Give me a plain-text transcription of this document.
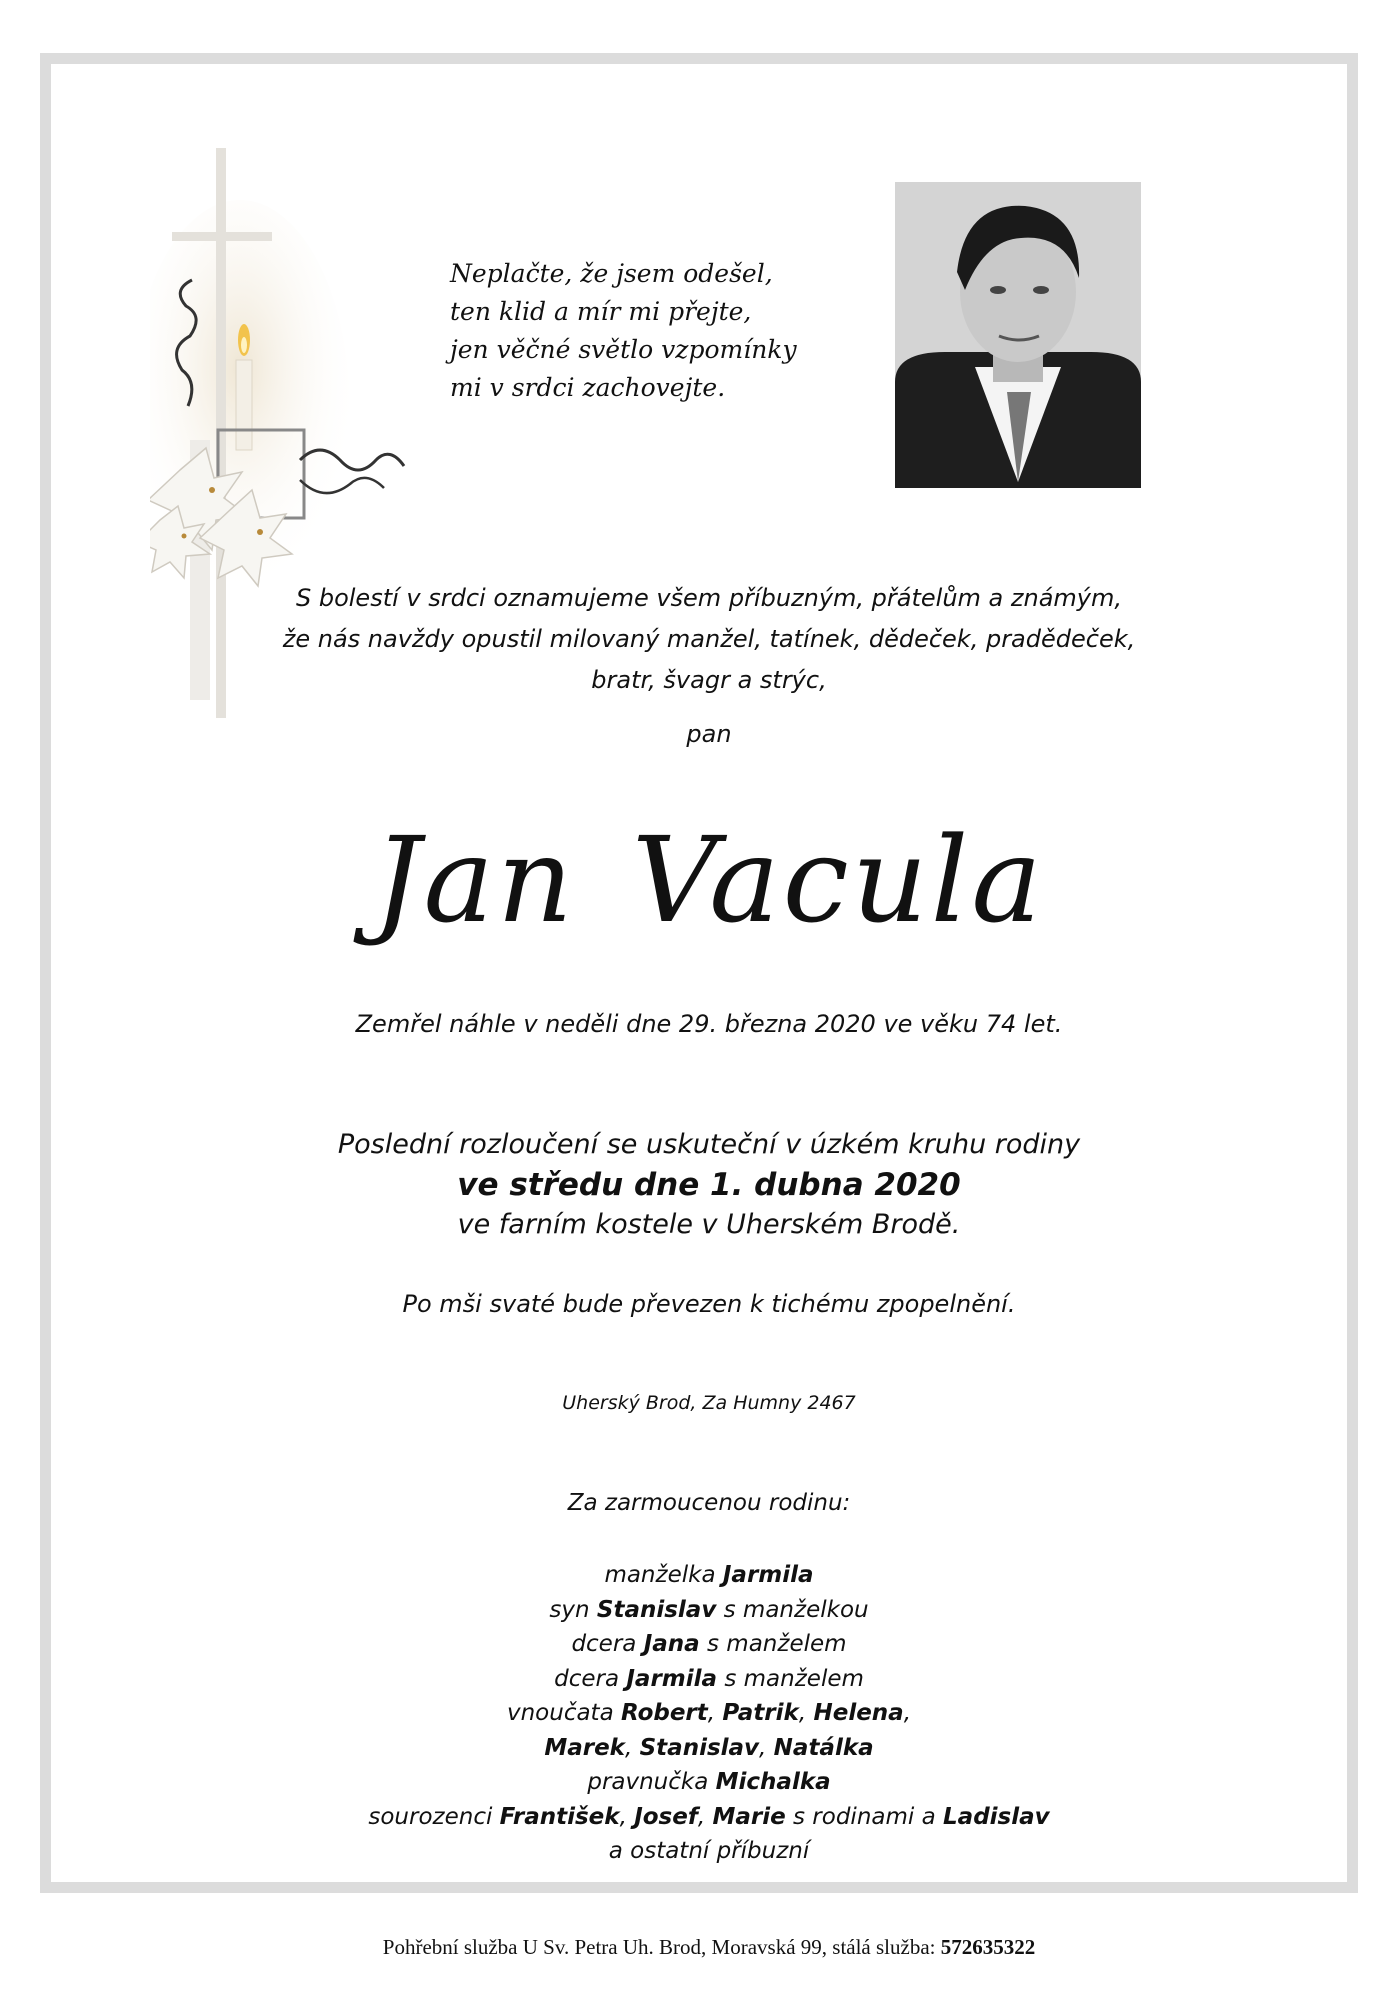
Neplačte, že jsem odešel,
ten klid a mír mi přejte,
jen věčné světlo vzpomínky
mi v srdci zachovejte.
S bolestí v srdci oznamujeme všem příbuzným, přátelům a známým,
že nás navždy opustil milovaný manžel, tatínek, dědeček, pradědeček,
bratr, švagr a strýc,
pan
Jan Vacula
Zemřel náhle v neděli dne 29. března 2020 ve věku 74 let.
Poslední rozloučení se uskuteční v úzkém kruhu rodiny
ve středu dne 1. dubna 2020
ve farním kostele v Uherském Brodě.
Po mši svaté bude převezen k tichému zpopelnění.
Uherský Brod, Za Humny 2467
Za zarmoucenou rodinu:
manželka Jarmila
syn Stanislav s manželkou
dcera Jana s manželem
dcera Jarmila s manželem
vnoučata Robert, Patrik, Helena,
Marek, Stanislav, Natálka
pravnučka Michalka
sourozenci František, Josef, Marie s rodinami a Ladislav
a ostatní příbuzní
Pohřební služba U Sv. Petra Uh. Brod, Moravská 99, stálá služba: 572635322
